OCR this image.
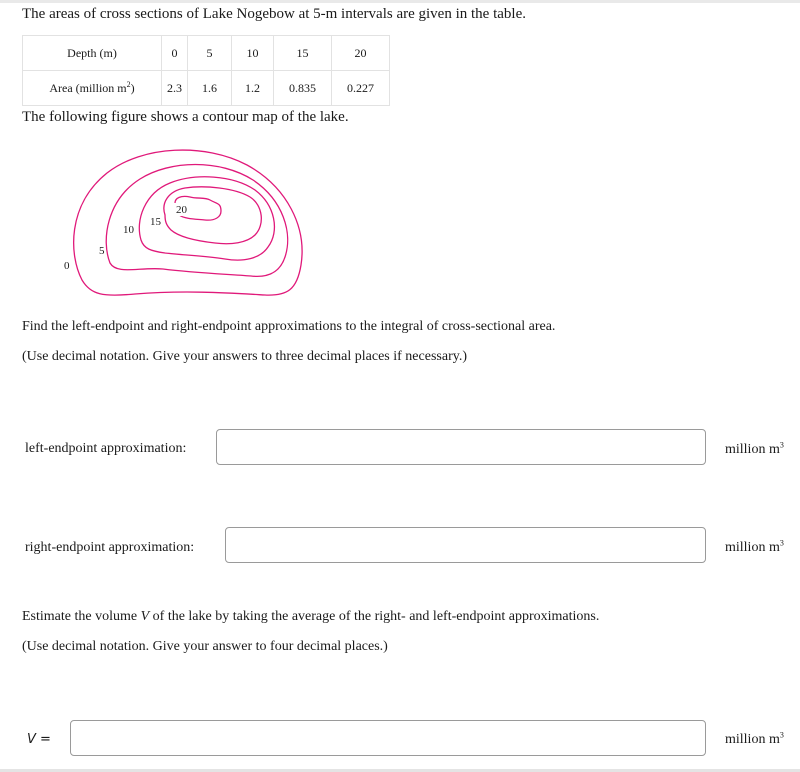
The areas of cross sections of Lake Nogebow at 5-m intervals are given in the table.
Depth (m)	0	5	10	15	20
Area (million $m^2$)	2.3	1.6	1.2	0.835	0.227
The following figure shows a contour map of the lake.
0
5
10
15
20
Find the left-endpoint and right-endpoint approximations to the integral of cross-sectional area.
(Use decimal notation. Give your answers to three decimal places if necessary.)
left-endpoint approximation:	million $m^3$
right-endpoint approximation:	million $m^3$
Estimate the volume V of the lake by taking the average of the right- and left-endpoint approximations.
(Use decimal notation. Give your answer to four decimal places.)
V =	million $m^3$
